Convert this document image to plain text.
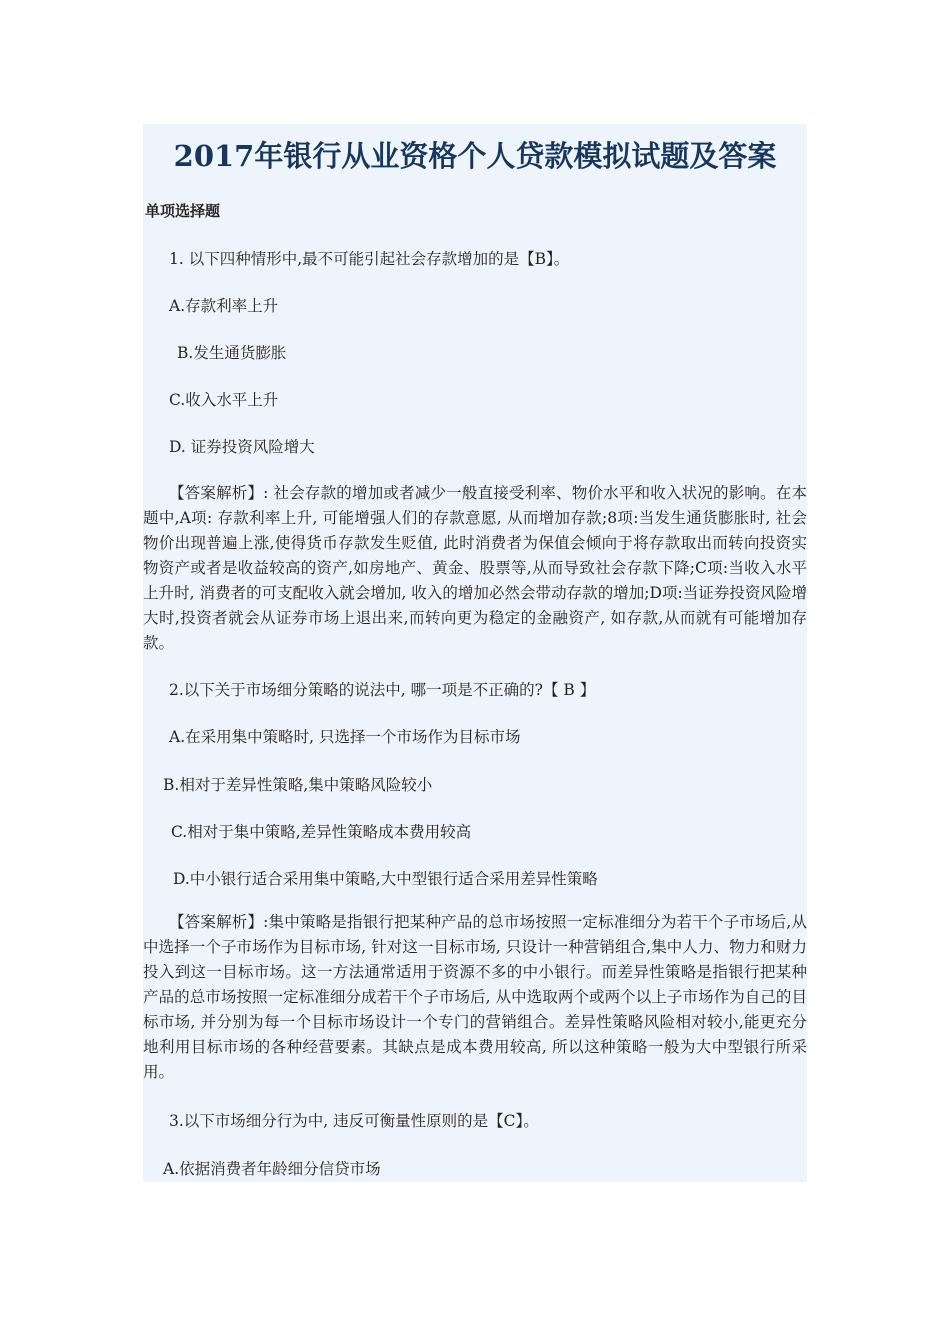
2017年银行从业资格个人贷款模拟试题及答案
单项选择题
1. 以下四种情形中,最不可能引起社会存款增加的是【B】。
A.存款利率上升
B.发生通货膨胀
C.收入水平上升
D. 证券投资风险增大
【答案解析】: 社会存款的增加或者减少一般直接受利率、物价水平和收入状况的影响。在本题中,A项: 存款利率上升, 可能增强人们的存款意愿, 从而增加存款;8项:当发生通货膨胀时, 社会物价出现普遍上涨,使得货币存款发生贬值, 此时消费者为保值会倾向于将存款取出而转向投资实物资产或者是收益较高的资产,如房地产、黄金、股票等,从而导致社会存款下降;C项:当收入水平上升时, 消费者的可支配收入就会增加, 收入的增加必然会带动存款的增加;D项:当证券投资风险增大时,投资者就会从证券市场上退出来,而转向更为稳定的金融资产, 如存款,从而就有可能增加存款。
2.以下关于市场细分策略的说法中, 哪一项是不正确的?【 B 】
A.在采用集中策略时, 只选择一个市场作为目标市场
B.相对于差异性策略,集中策略风险较小
C.相对于集中策略,差异性策略成本费用较高
D.中小银行适合采用集中策略,大中型银行适合采用差异性策略
【答案解析】:集中策略是指银行把某种产品的总市场按照一定标准细分为若干个子市场后,从中选择一个子市场作为目标市场, 针对这一目标市场, 只设计一种营销组合,集中人力、物力和财力投入到这一目标市场。这一方法通常适用于资源不多的中小银行。而差异性策略是指银行把某种产品的总市场按照一定标准细分成若干个子市场后, 从中选取两个或两个以上子市场作为自己的目标市场, 并分别为每一个目标市场设计一个专门的营销组合。差异性策略风险相对较小,能更充分地利用目标市场的各种经营要素。其缺点是成本费用较高, 所以这种策略一般为大中型银行所采用。
3.以下市场细分行为中, 违反可衡量性原则的是【C】。
A.依据消费者年龄细分信贷市场
